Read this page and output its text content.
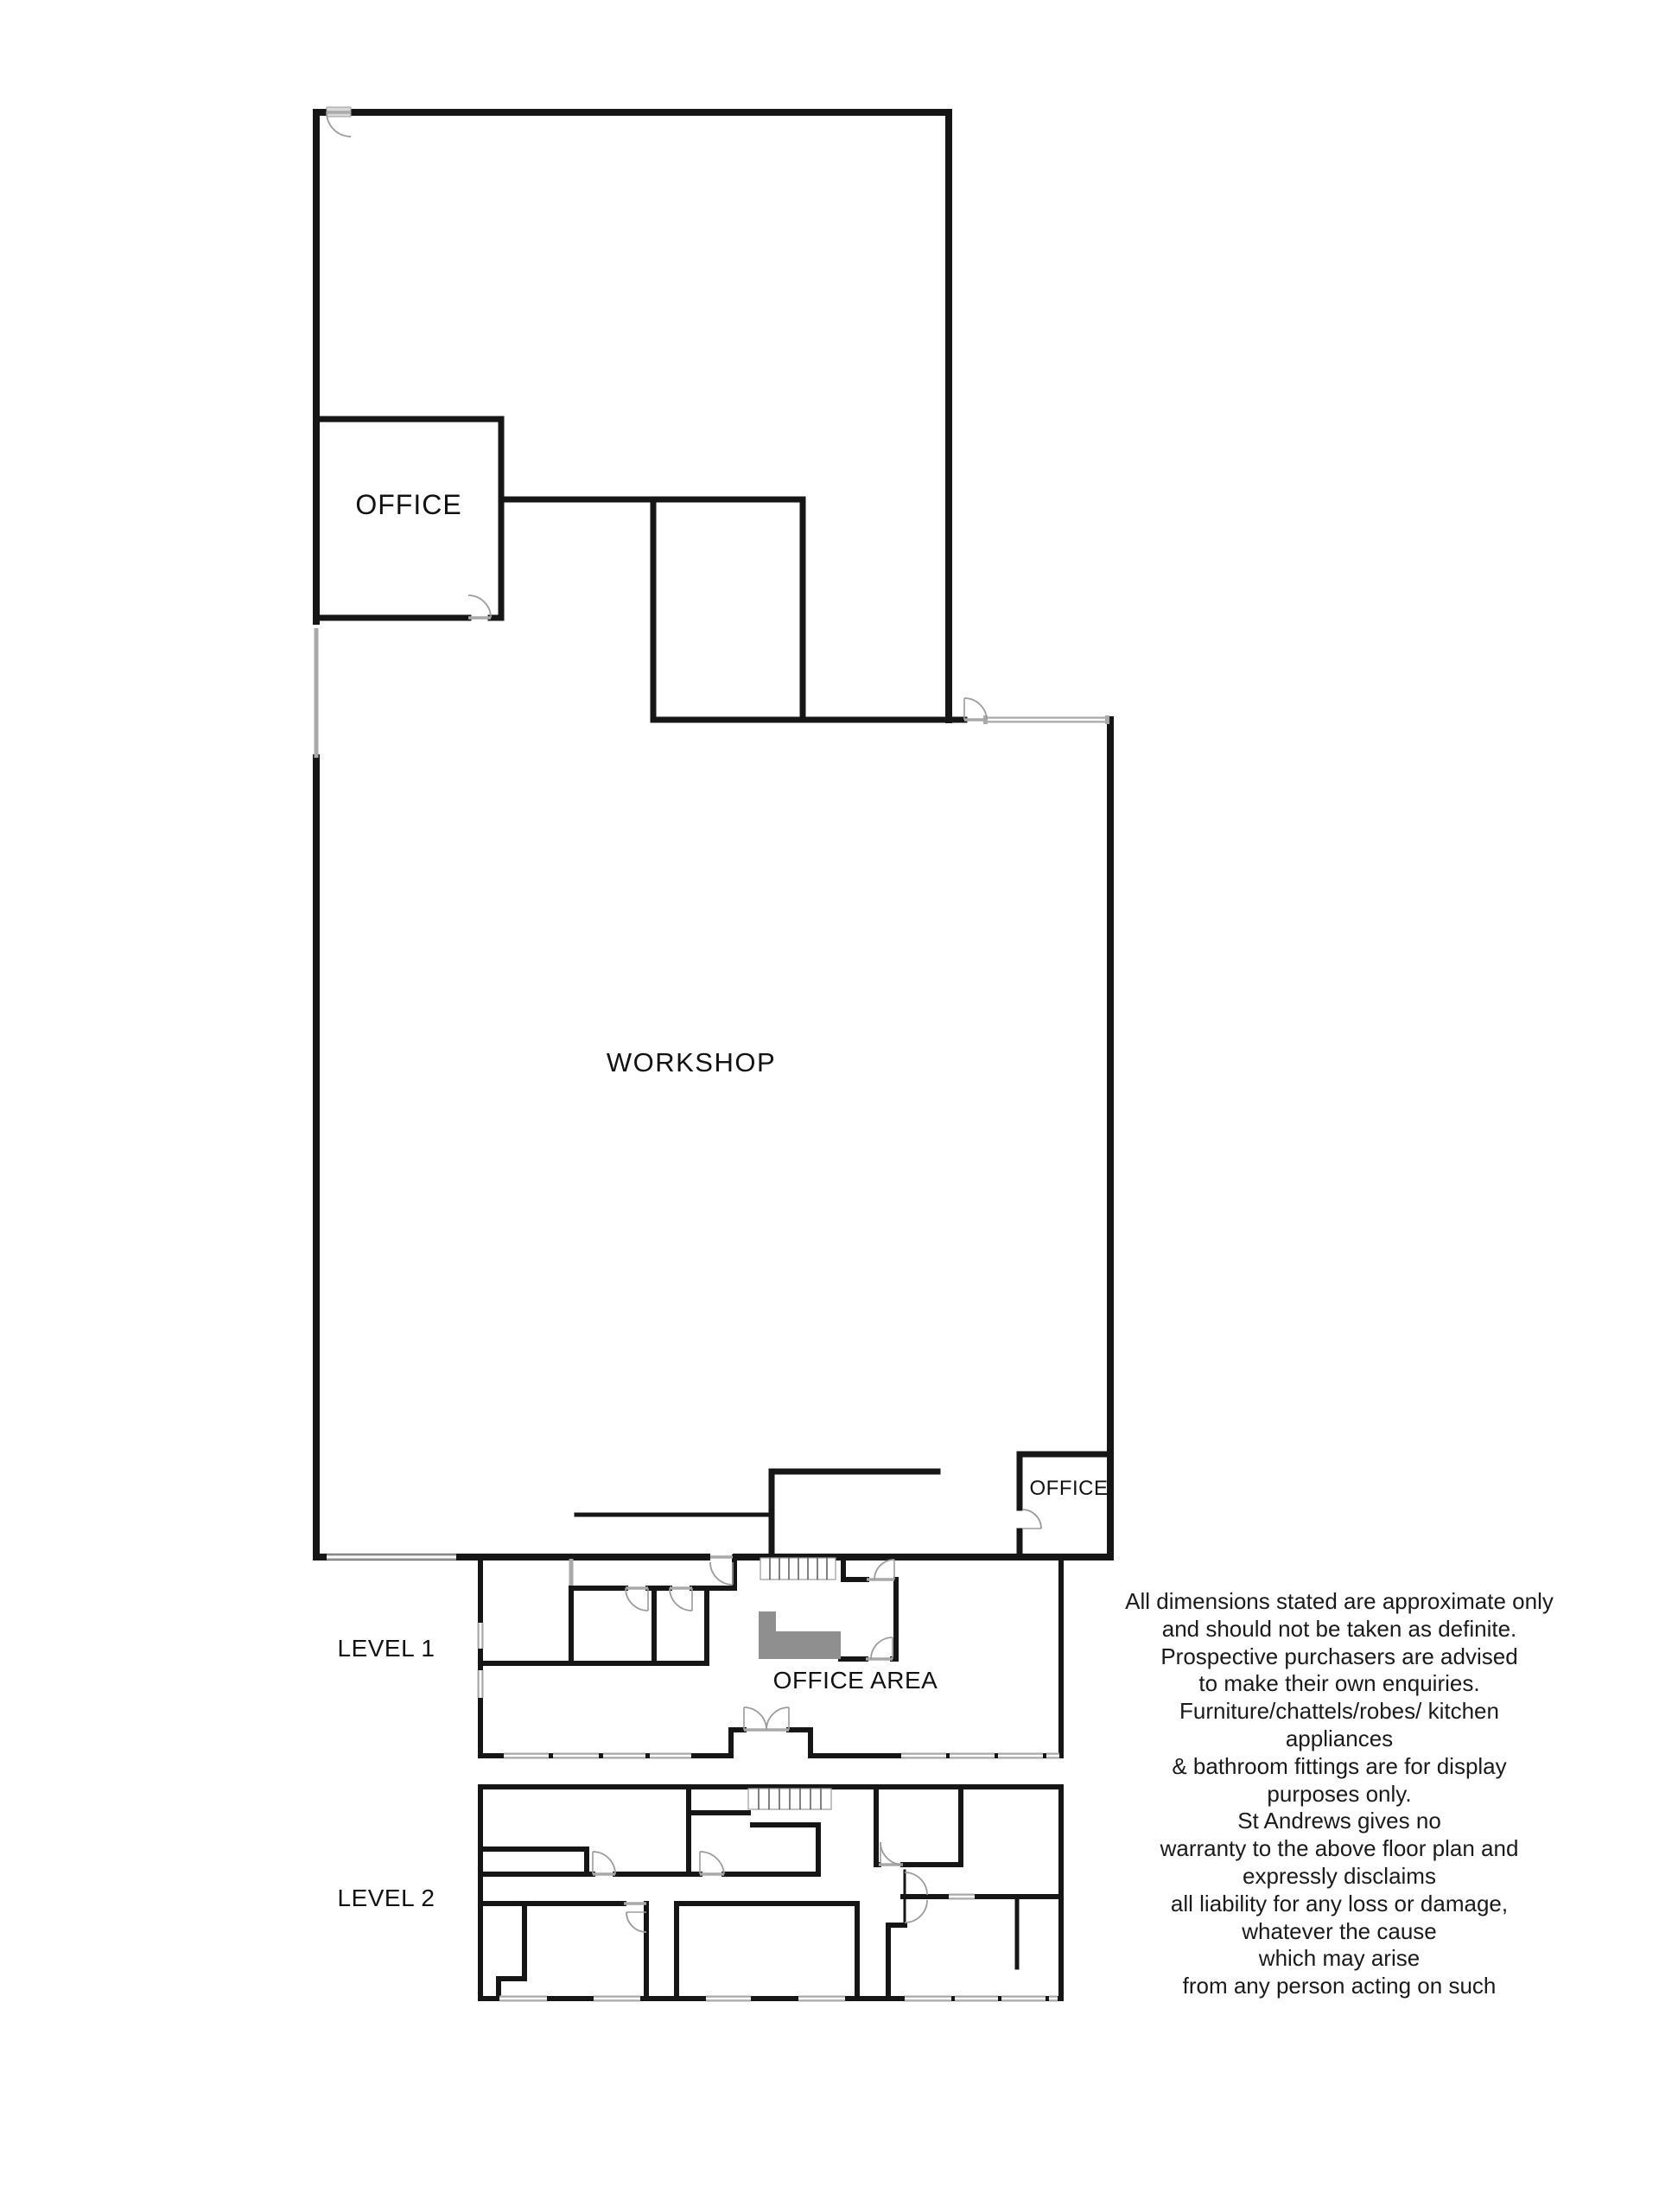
WORKSHOP
OFFICE
OFFICE
OFFICE AREA
LEVEL 1
LEVEL 2
All dimensions stated are approximate only
and should not be taken as definite.
Prospective purchasers are advised
to make their own enquiries.
Furniture/chattels/robes/ kitchen
appliances
& bathroom fittings are for display
purposes only.
St Andrews gives no
warranty to the above floor plan and
expressly disclaims
all liability for any loss or damage,
whatever the cause
which may arise
from any person acting on such
